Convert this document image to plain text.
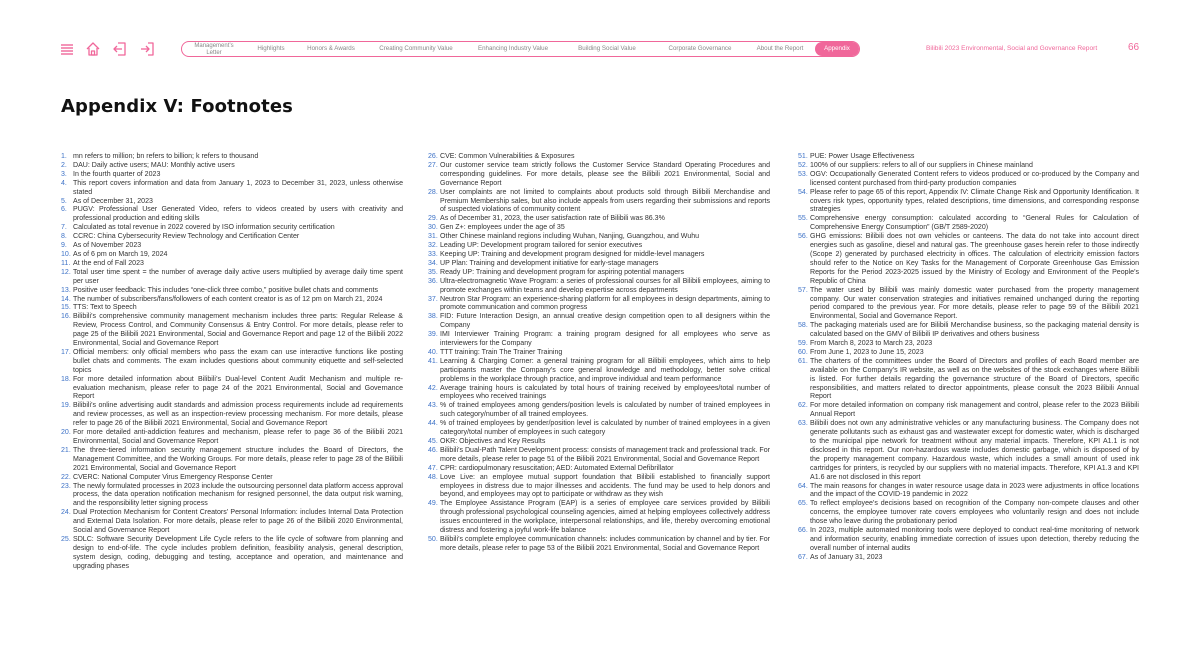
Management’s
Letter
Highlights	Honors & Awards	Creating Community Value	Enhancing Industry Value	Building Social Value	Corporate Governance	About the Report	Appendix	Bilibili 2023 Environmental, Social and Governance Report	66
Appendix V: Footnotes
1. mn refers to million; bn refers to billion; k refers to thousand
2. DAU: Daily active users; MAU: Monthly active users
3. In the fourth quarter of 2023
4. This report covers information and data from January 1, 2023 to December 31, 2023, unless otherwise stated
5. As of December 31, 2023
6. PUGV: Professional User Generated Video, refers to videos created by users with creativity and professional production and editing skills
7. Calculated as total revenue in 2022 covered by ISO information security certification
8. CCRC: China Cybersecurity Review Technology and Certification Center
9. As of November 2023
10. As of 6 pm on March 19, 2024
11. At the end of Fall 2023
12. Total user time spent = the number of average daily active users multiplied by average daily time spent per user
13. Positive user feedback: This includes “one-click three combo,” positive bullet chats and comments
14. The number of subscribers/fans/followers of each content creator is as of 12 pm on March 21, 2024
15. TTS: Text to Speech
16. Bilibili’s comprehensive community management mechanism includes three parts: Regular Release & Review, Process Control, and Community Consensus & Entry Control. For more details, please refer to page 25 of the Bilibili 2021 Environmental, Social and Governance Report and page 12 of the Bilibili 2022 Environmental, Social and Governance Report
17. Official members: only official members who pass the exam can use interactive functions like posting bullet chats and comments. The exam includes questions about community etiquette and self-selected topics
18. For more detailed information about Bilibili’s Dual-level Content Audit Mechanism and multiple re-evaluation mechanism, please refer to page 24 of the 2021 Environmental, Social and Governance Report
19. Bilibili’s online advertising audit standards and admission process requirements include ad requirements and review processes, as well as an inspection-review processing mechanism. For more details, please refer to page 26 of the Bilibili 2021 Environmental, Social and Governance Report
20. For more detailed anti-addiction features and mechanism, please refer to page 36 of the Bilibili 2021 Environmental, Social and Governance Report
21. The three-tiered information security management structure includes the Board of Directors, the Management Committee, and the Working Groups. For more details, please refer to page 28 of the Bilibili 2021 Environmental, Social and Governance Report
22. CVERC: National Computer Virus Emergency Response Center
23. The newly formulated processes in 2023 include the outsourcing personnel data platform access approval process, the data operation notification mechanism for resigned personnel, the data output risk warning, and the responsibility letter signing process
24. Dual Protection Mechanism for Content Creators’ Personal Information: includes Internal Data Protection and External Data Isolation. For more details, please refer to page 26 of the Bilibili 2020 Environmental, Social and Governance Report
25. SDLC: Software Security Development Life Cycle refers to the life cycle of software from planning and design to end-of-life. The cycle includes problem definition, feasibility analysis, general description, system design, coding, debugging and testing, acceptance and operation, and maintenance and upgrading phases
26. CVE: Common Vulnerabilities & Exposures
27. Our customer service team strictly follows the Customer Service Standard Operating Procedures and corresponding guidelines. For more details, please see the Bilibili 2021 Environmental, Social and Governance Report
28. User complaints are not limited to complaints about products sold through Bilibili Merchandise and Premium Membership sales, but also include appeals from users regarding their submissions and reports of suspected violations of community content
29. As of December 31, 2023, the user satisfaction rate of Bilibili was 86.3%
30. Gen Z+: employees under the age of 35
31. Other Chinese mainland regions including Wuhan, Nanjing, Guangzhou, and Wuhu
32. Leading UP: Development program tailored for senior executives
33. Keeping UP: Training and development program designed for middle-level managers
34. UP Plan: Training and development initiative for early-stage managers
35. Ready UP: Training and development program for aspiring potential managers
36. Ultra-electromagnetic Wave Program: a series of professional courses for all Bilibili employees, aiming to promote exchanges within teams and develop expertise across departments
37. Neutron Star Program: an experience-sharing platform for all employees in design departments, aiming to promote communication and common progress
38. FID: Future Interaction Design, an annual creative design competition open to all designers within the Company
39. IMI Interviewer Training Program: a training program designed for all employees who serve as interviewers for the Company
40. TTT training: Train The Trainer Training
41. Learning & Charging Corner: a general training program for all Bilibili employees, which aims to help participants master the Company’s core general knowledge and methodology, better solve critical problems in the workplace through practice, and improve individual and team performance
42. Average training hours is calculated by total hours of training received by employees/total number of employees who received trainings
43. % of trained employees among genders/position levels is calculated by number of trained employees in such category/number of all trained employees.
44. % of trained employees by gender/position level is calculated by number of trained employees in a given category/total number of employees in such category
45. OKR: Objectives and Key Results
46. Bilibili’s Dual-Path Talent Development process: consists of management track and professional track. For more details, please refer to page 51 of the Bilibili 2021 Environmental, Social and Governance Report
47. CPR: cardiopulmonary resuscitation; AED: Automated External Defibrillator
48. Love Live: an employee mutual support foundation that Bilibili established to financially support employees in distress due to major illnesses and accidents. The fund may be used to help donors and beyond, and employees may opt to participate or withdraw as they wish
49. The Employee Assistance Program (EAP) is a series of employee care services provided by Bilibili through professional psychological counseling agencies, aimed at helping employees collectively address issues encountered in the workplace, interpersonal relationships, and life, thereby overcoming emotional distress and fostering a joyful work-life balance
50. Bilibili’s complete employee communication channels: includes communication by channel and by tier. For more details, please refer to page 53 of the Bilibili 2021 Environmental, Social and Governance Report
51. PUE: Power Usage Effectiveness
52. 100% of our suppliers: refers to all of our suppliers in Chinese mainland
53. OGV: Occupationally Generated Content refers to videos produced or co-produced by the Company and licensed content purchased from third-party production companies
54. Please refer to page 65 of this report, Appendix IV: Climate Change Risk and Opportunity Identification. It covers risk types, opportunity types, related descriptions, time dimensions, and corresponding response strategies
55. Comprehensive energy consumption: calculated according to “General Rules for Calculation of Comprehensive Energy Consumption” (GB/T 2589-2020)
56. GHG emissions: Bilibili does not own vehicles or canteens. The data do not take into account direct energies such as gasoline, diesel and natural gas. The greenhouse gases herein refer to those indirectly (Scope 2) generated by purchased electricity in offices. The calculation of electricity emission factors should refer to the Notice on Key Tasks for the Management of Corporate Greenhouse Gas Emission Reports for the Period 2023-2025 issued by the Ministry of Ecology and Environment of the People’s Republic of China
57. The water used by Bilibili was mainly domestic water purchased from the property management company. Our water conservation strategies and initiatives remained unchanged during the reporting period compared to the previous year. For more details, please refer to page 59 of the Bilibili 2021 Environmental, Social and Governance Report.
58. The packaging materials used are for Bilibili Merchandise business, so the packaging material density is calculated based on the GMV of Bilibili IP derivatives and others business
59. From March 8, 2023 to March 23, 2023
60. From June 1, 2023 to June 15, 2023
61. The charters of the committees under the Board of Directors and profiles of each Board member are available on the Company’s IR website, as well as on the websites of the stock exchanges where Bilibili is listed. For further details regarding the governance structure of the Board of Directors, specific responsibilities, and matters related to director appointments, please consult the 2023 Bilibili Annual Report
62. For more detailed information on company risk management and control, please refer to the 2023 Bilibili Annual Report
63. Bilibili does not own any administrative vehicles or any manufacturing business. The Company does not generate pollutants such as exhaust gas and wastewater except for domestic water, which is discharged to the municipal pipe network for treatment without any material impacts. Therefore, KPI A1.1 is not disclosed in this report. Our non-hazardous waste includes domestic garbage, which is disposed of by the property management company. Hazardous waste, which includes a small amount of used ink cartridges for printers, is recycled by our suppliers with no material impacts. Therefore, KPI A1.3 and KPI A1.6 are not disclosed in this report
64. The main reasons for changes in water resource usage data in 2023 were adjustments in office locations and the impact of the COVID-19 pandemic in 2022
65. To reflect employee’s decisions based on recognition of the Company non-compete clauses and other concerns, the employee turnover rate covers employees who voluntarily resign and does not include those who leave during the probationary period
66. In 2023, multiple automated monitoring tools were deployed to conduct real-time monitoring of network and information security, enabling immediate correction of issues upon detection, thereby reducing the overall number of internal audits
67. As of January 31, 2023
